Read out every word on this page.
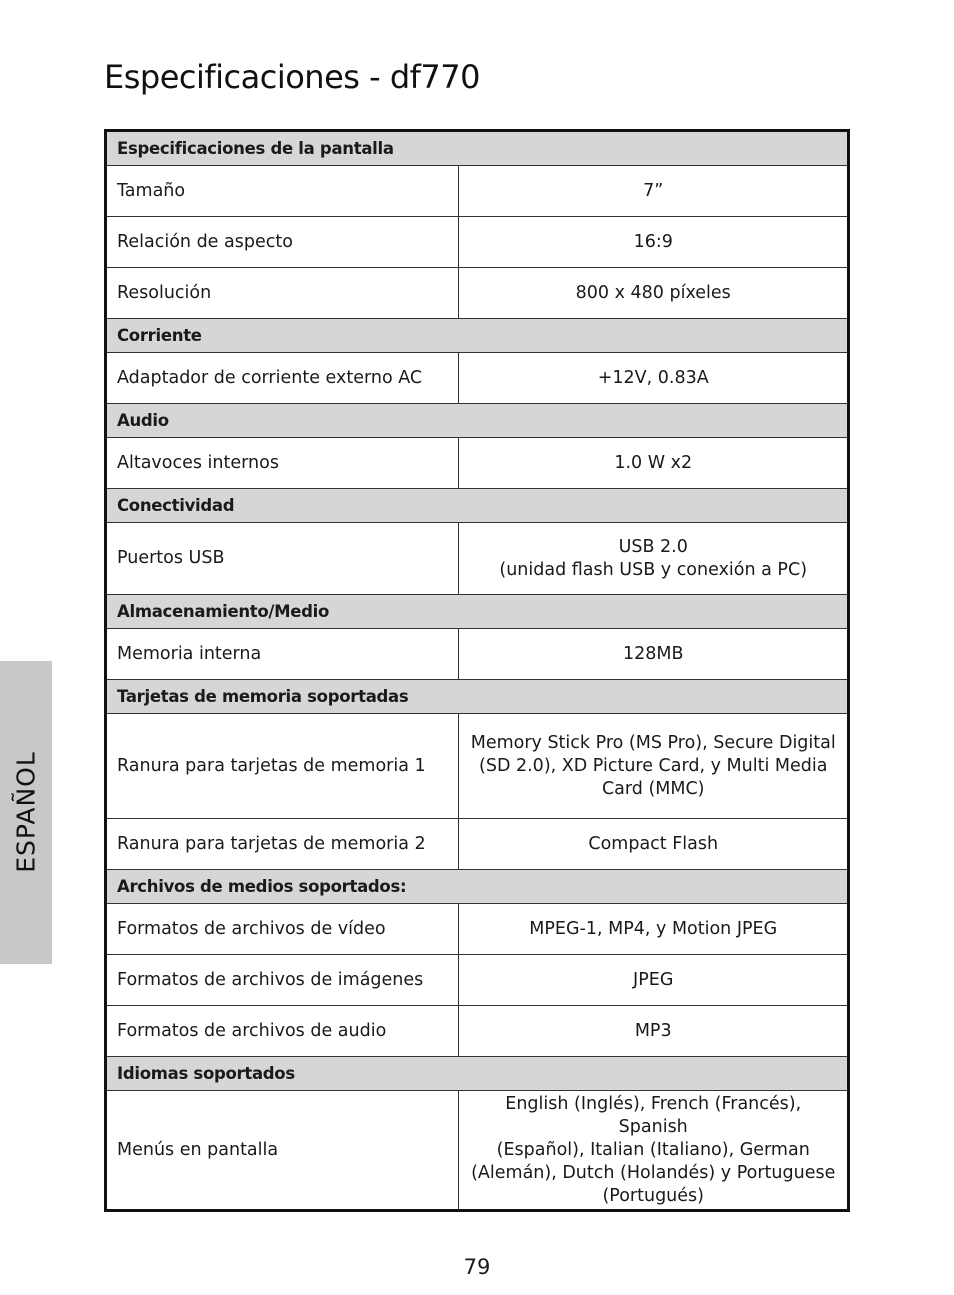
Especificaciones - df770
ESPAÑOL
Especificaciones de la pantalla	
Tamaño	7”
Relación de aspecto	16:9
Resolución	800 x 480 píxeles
Corriente	
Adaptador de corriente externo AC	+12V, 0.83A
Audio	
Altavoces internos	1.0 W x2
Conectividad	
Puertos USB	USB 2.0
(unidad flash USB y conexión a PC)

Almacenamiento/Medio	
Memoria interna	128MB
Tarjetas de memoria soportadas	
Ranura para tarjetas de memoria 1	Memory Stick Pro (MS Pro), Secure Digital
(SD 2.0), XD Picture Card, y Multi Media
Card (MMC)

Ranura para tarjetas de memoria 2	Compact Flash
Archivos de medios soportados:	
Formatos de archivos de vídeo	MPEG-1, MP4, y Motion JPEG
Formatos de archivos de imágenes	JPEG
Formatos de archivos de audio	MP3
Idiomas soportados	
Menús en pantalla	English (Inglés), French (Francés), Spanish
(Español), Italian (Italiano), German
(Alemán), Dutch (Holandés) y Portuguese
(Portugués)
79
